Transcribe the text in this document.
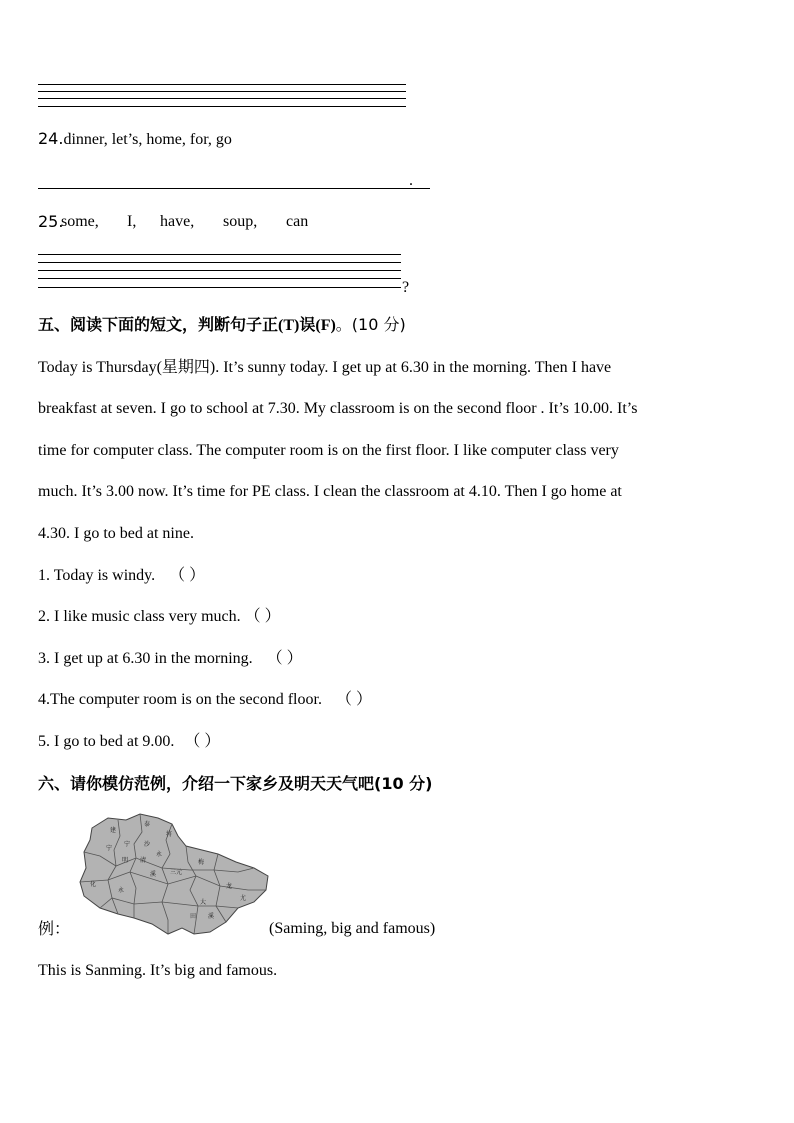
24.dinner, let’s, home, for, go
.
25.
some, I, have, soup, can
?
五、阅读下面的短文，判断句子正(T)误(F)。(10 分)
Today is Thursday(星期四). It’s sunny today. I get up at 6.30 in the morning. Then I have
breakfast at seven. I go to school at 7.30. My classroom is on the second floor . It’s 10.00. It’s
time for computer class. The computer room is on the first floor. I like computer class very
much. It’s 3.00 now. It’s time for PE class. I clean the classroom at 4.10. Then I go home at
4.30. I go to bed at nine.
1. Today is windy. （ ）
2. I like music class very much. （ ）
3. I get up at 6.30 in the morning. （ ）
4.The computer room is on the second floor. （ ）
5. I go to bed at 9.00. （ ）
六、请你模仿范例，介绍一下家乡及明天天气吧(10 分)
建
泰
将
宁
宁 沙
明 清
永
三元
化
梅
溪
永
大
田
龙
尤
溪
例：	(Saming, big and famous)
This is Sanming. It’s big and famous.
